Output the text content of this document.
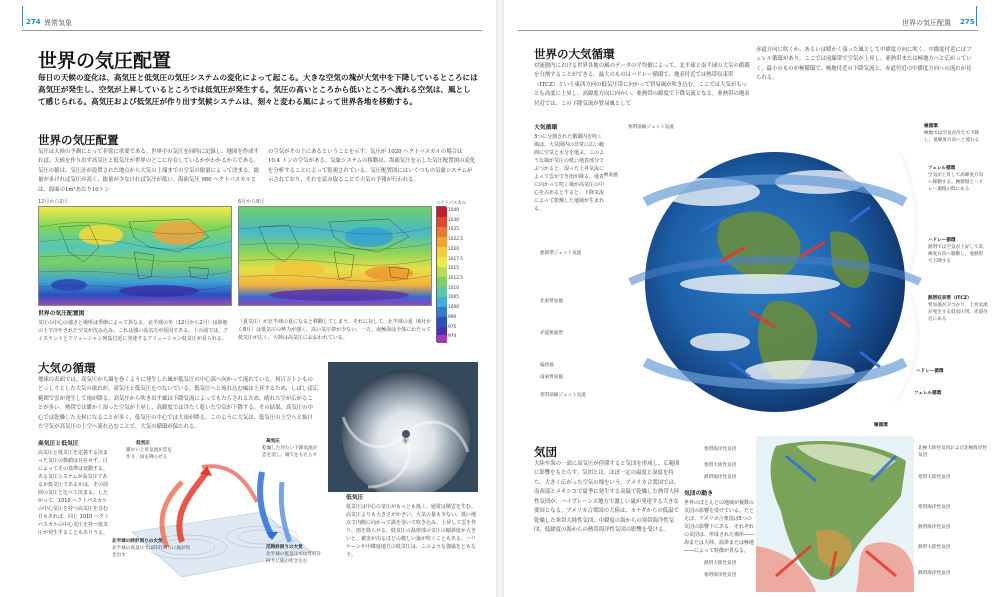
274 異常気象
世界の気圧配置
毎日の天候の変化は、高気圧と低気圧の気圧システムの変化によって起こる。大きな空気の塊が大気中を下降しているところには高気圧が発生し、空気が上昇しているところでは低気圧が発生する。気圧の高いところから低いところへ流れる空気は、風として感じられる。高気圧および低気圧が作り出す気候システムは、刻々と変わる風によって世界各地を移動する。
世界の気圧配置
気圧は天候の予測にとって非常に重要である。世界中の気圧を同時に記録し、地図を作成すれば、天候を作り出す高気圧と低気圧が世界のどこに存在しているかがわかるからである。気圧の値は、気圧計が設置された地点から大気の上端までの空気の総量によって決まる。総量が多ければ気圧が高く、総量が少なければ気圧が低い。海面気圧 980 ヘクトパスカルとは、海面の1m²あたり10トン
の空気がその上にあるということを示す。気圧が 1020 ヘクトパスカルの場合は 10.4 トンの空気がある。気象システムの移動は、海面気圧を示した気圧配置図の変化を分析することによって監視されている。気圧配置図にはいくつもの気象システムが示されており、それを読み取ることで天気の予報が行われる。
12月から2月	6月から8月	ヘクトパスカル
1040
1030
1025
1022.5
1020
1017.5
1015
1012.5
1010
1005
1000
990
975
970
世界の気圧配置図
気圧の中心の強さと場所は季節によって異なる。北半球の冬（12月から2月）は陸地の上で冷やされた空気が沈み込み、これは強い高気圧が原因である。上の図では、アイスランドとアリューシャン列島付近に発達するアリューシャン低気圧が見られる。
（夏気圧）が北半球の夏になると移動してしまう。それに対して、北半球の夏（6月から8月）は低気圧の勢力が強く、高い気圧帯が少ない。一方、南極海は全体にわたって低気圧が広く、大陸は高気圧におおわれている。
大気の循環
地球の表面では、高気圧から渦を巻くように発生した風が低気圧の中心部へ向かって流れている。何百万トンものどっしりとした大気の流れが、高気圧と低気圧をつないでいる。低気圧へと流れ込む風は上昇するため、しばしば広範囲で雲が発生して雨が降る。高気圧から吹き出す風は下降気流によってもたらされるため、晴れた空が広がることが多い。熱帯では暖かく湿った空気が上昇し、高緯度では冷たく乾いた空気が下降する。その結果、高気圧の中心では乾燥した天候になることが多く、低気圧の中心では大雨が降る。このように大気は、低気圧の上空へと抜けた空気が高気圧の上空へ流れ込むことで、大気の循環が保たれる。
高気圧と低気圧
高気圧と低気圧を定義する決まった気圧の数値は存在せず、日によってその基準は変動する。ある気圧システムが高気圧であるか低気圧であるかは、その周囲の気圧と比べて決まる。したがって、1010 ヘクトパスカルの中心気圧を持つ高気圧を含む日もあれば、同じ 1010 ヘクトパスカルの中心気圧を持つ低気圧が発生することもありうる。
低気圧
暖かい上昇気流が雲を作り、雨を降らせる
高気圧
乾燥した冷たい下降気流が雲を消し、晴天をもたらす
北半球の時計回りの大気
北半球の高気圧では時計回りに風が吹き出す
反時計回りの大気
北半球の低気圧では反時計回りに風が吹き込む
低気圧
低気圧は中心の気圧がもっとも低く、通常は積雲を生む。高気圧よりも大きさがかさい。大気の量も少ない。低い地点で内側に向かって渦を巻いて吹き込み、上昇して雲を作り、雨を降らせる。低気圧の温帯部の気圧の傾斜度が大きいと、被害が出るほどの激しい嵐が吹くこともある。ハリケーンや中緯度地方の低気圧は、このような強風をともなう。
世界の気圧配置 275
世界の大気循環
対流圏内における世界各地の風のデータの平均値によって、北半球と南半球の大気の循環を分割することができる。最大のものはハドレー循環で、地表付近では熱帯収束帯（ITCZ）という東西方向の低気圧帯に向かって貿易風が吹き込む。ここでは大気がもっとも高度に上昇し、高緯度方向に向かい、亜熱帯の緯度で下降気流となる。亜熱帯の地表付近では、この下降気流が貿易風として
赤道方向に吹くか、あるいは暖かく湿った風として中緯度方向に吹く。中緯度付近にはフェレル循環があり、ここでは前線帯で空気が上昇し、亜熱帯または極地方へと広がっていく。最小のものが極循環で、極地付近の下降気流と、赤道付近の中緯度方向への流れが見られる。
大気循環
3つに分割された循環内を吹く風は、大気圏内の非常に広い範囲に空気と水分を運ぶ。このような風が気圧の低い地表部分でぶつかると、湿った上昇気流によって雲ができ雨が降る。地表に向かって吹く風が高気圧の中心を占めるとすると、下降気流によって乾燥した地域が生まれる。
寒帯前線ジェット気流
極東風
亜熱帯ジェット気流
北東貿易風
赤道無風帯
偏西風
南東貿易風
寒帯前線ジェット気流
極循環
極地では空気が冷えて下降し、低緯度方向へと流れる
フェレル循環
空気が上昇して高緯度方向へ移動する。極循環とハドレー循環の間にある
ハドレー循環
熱帯では空気が上昇して高緯度方向へ移動し、亜熱帯で下降する
熱帯収束帯（ITCZ）
貿易風がぶつかり、上昇気流が発生する低気圧帯。赤道付近にある
ハドレー循環
フェレル循環
極循環
気団
大陸や海の一部に高気圧が停滞すると気団を形成し、広範囲に影響をもたらす。気団とは、ほぼ一定の温度と湿度を持ち、大きく広がった空気の塊をいう。アメリカ合衆国では、南西部とメキシコで夏季に発生する高温で乾燥した熱帯大陸性気団が、ハイプレーンズ地方で激しい嵐が発達する大きな要因となる。アメリカ合衆国の大陸は、カナダからの低温で乾燥した寒帯大陸性気団、中緯度の海からの寒帯海洋性気団、低緯度の海からの熱帯海洋性気団の影響を受ける。
気団の動き
世界のほとんどの地域が複数の気団の影響を受けている。たとえば、アメリカ合衆国は5つの気団の影響下にある。それぞれの気団は、形成された場所――海または大陸、温帯または極地――によって特徴が異なる。
寒帯海洋性気団
寒帯大陸性気団
熱帯海洋性気団
熱帯大陸性気団
寒帯海洋性気団
北極大陸性気団および北極海洋性気団
寒帯大陸性気団
寒帯海洋性気団
熱帯海洋性気団
熱帯大陸性気団
熱帯海洋性気団
